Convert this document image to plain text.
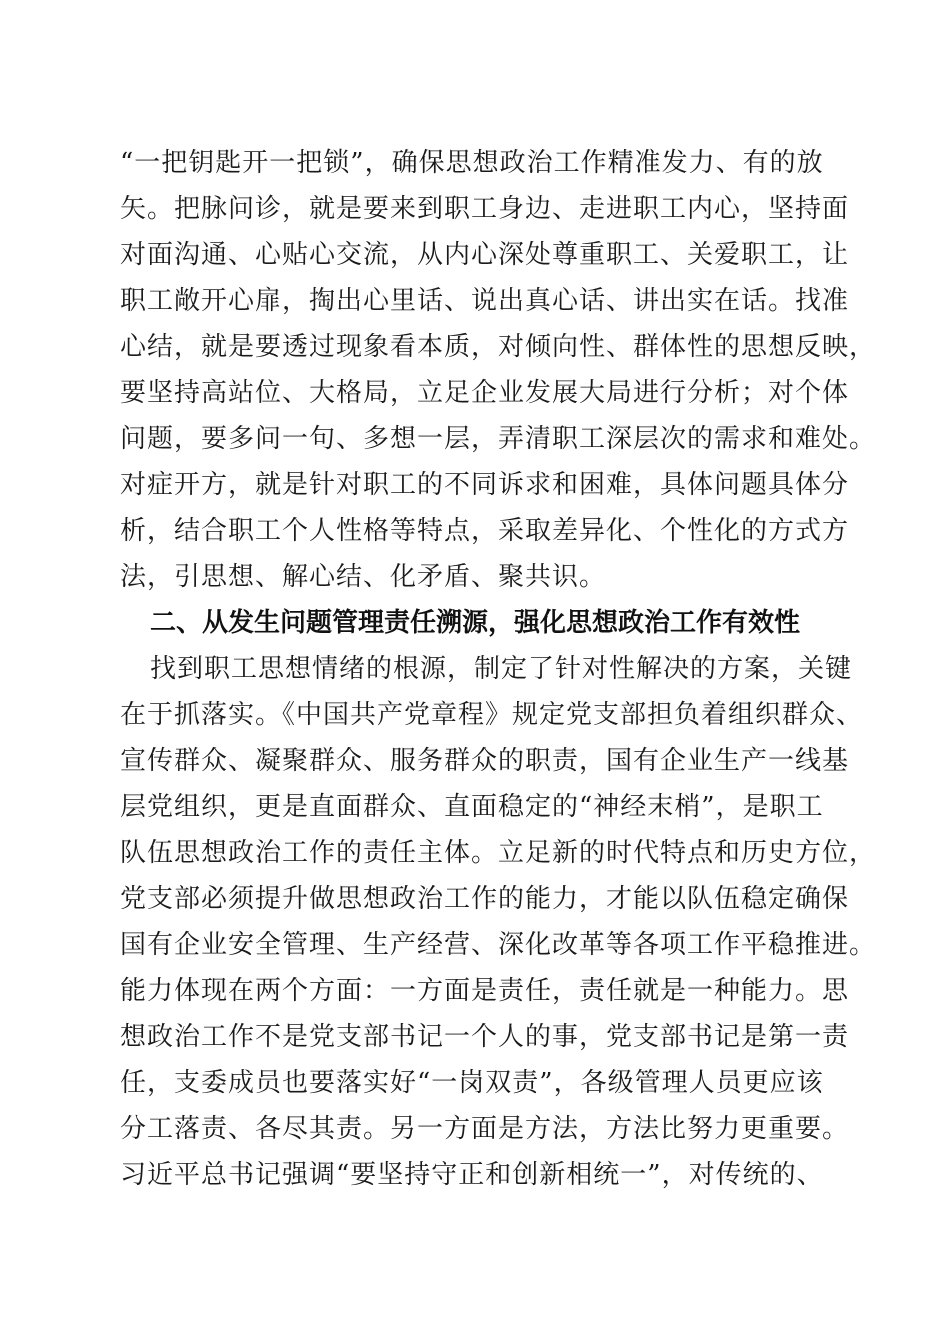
“一把钥匙开一把锁”，确保思想政治工作精准发力、有的放
矢。把脉问诊，就是要来到职工身边、走进职工内心，坚持面
对面沟通、心贴心交流，从内心深处尊重职工、关爱职工，让
职工敞开心扉，掏出心里话、说出真心话、讲出实在话。找准
心结，就是要透过现象看本质，对倾向性、群体性的思想反映，
要坚持高站位、大格局，立足企业发展大局进行分析；对个体
问题，要多问一句、多想一层，弄清职工深层次的需求和难处。
对症开方，就是针对职工的不同诉求和困难，具体问题具体分
析，结合职工个人性格等特点，采取差异化、个性化的方式方
法，引思想、解心结、化矛盾、聚共识。
二、从发生问题管理责任溯源，强化思想政治工作有效性
找到职工思想情绪的根源，制定了针对性解决的方案，关键
在于抓落实。《中国共产党章程》规定党支部担负着组织群众、
宣传群众、凝聚群众、服务群众的职责，国有企业生产一线基
层党组织，更是直面群众、直面稳定的“神经末梢”，是职工
队伍思想政治工作的责任主体。立足新的时代特点和历史方位，
党支部必须提升做思想政治工作的能力，才能以队伍稳定确保
国有企业安全管理、生产经营、深化改革等各项工作平稳推进。
能力体现在两个方面：一方面是责任，责任就是一种能力。思
想政治工作不是党支部书记一个人的事，党支部书记是第一责
任，支委成员也要落实好“一岗双责”，各级管理人员更应该
分工落责、各尽其责。另一方面是方法，方法比努力更重要。
习近平总书记强调“要坚持守正和创新相统一”，对传统的、
